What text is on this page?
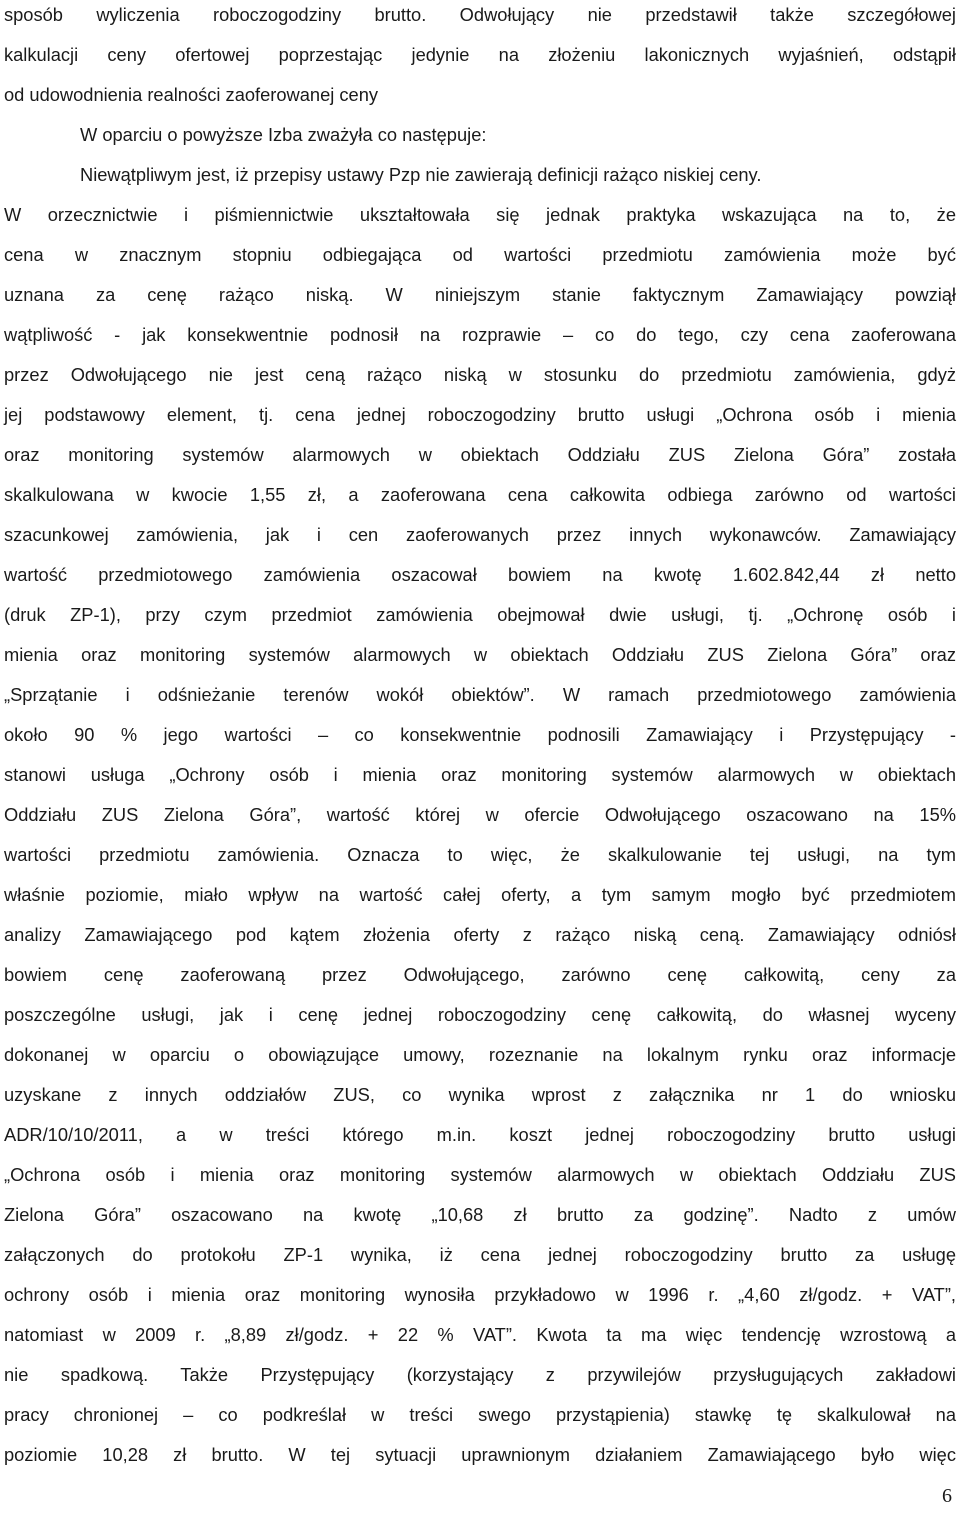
sposób wyliczenia roboczogodziny brutto. Odwołujący nie przedstawił także szczegółowej
kalkulacji ceny ofertowej poprzestając jedynie na złożeniu lakonicznych wyjaśnień, odstąpił
od udowodnienia realności zaoferowanej ceny
W oparciu o powyższe Izba zważyła co następuje:
Niewątpliwym jest, iż przepisy ustawy Pzp nie zawierają definicji rażąco niskiej ceny.
W orzecznictwie i piśmiennictwie ukształtowała się jednak praktyka wskazująca na to, że
cena w znacznym stopniu odbiegająca od wartości przedmiotu zamówienia może być
uznana za cenę rażąco niską. W niniejszym stanie faktycznym Zamawiający powziął
wątpliwość - jak konsekwentnie podnosił na rozprawie – co do tego, czy cena zaoferowana
przez Odwołującego nie jest ceną rażąco niską w stosunku do przedmiotu zamówienia, gdyż
jej podstawowy element, tj. cena jednej roboczogodziny brutto usługi „Ochrona osób i mienia
oraz monitoring systemów alarmowych w obiektach Oddziału ZUS Zielona Góra” została
skalkulowana w kwocie 1,55 zł, a zaoferowana cena całkowita odbiega zarówno od wartości
szacunkowej zamówienia, jak i cen zaoferowanych przez innych wykonawców. Zamawiający
wartość przedmiotowego zamówienia oszacował bowiem na kwotę 1.602.842,44 zł netto
(druk ZP-1), przy czym przedmiot zamówienia obejmował dwie usługi, tj. „Ochronę osób i
mienia oraz monitoring systemów alarmowych w obiektach Oddziału ZUS Zielona Góra” oraz
„Sprzątanie i odśnieżanie terenów wokół obiektów”. W ramach przedmiotowego zamówienia
około 90 % jego wartości – co konsekwentnie podnosili Zamawiający i Przystępujący -
stanowi usługa „Ochrony osób i mienia oraz monitoring systemów alarmowych w obiektach
Oddziału ZUS Zielona Góra”, wartość której w ofercie Odwołującego oszacowano na 15%
wartości przedmiotu zamówienia. Oznacza to więc, że skalkulowanie tej usługi, na tym
właśnie poziomie, miało wpływ na wartość całej oferty, a tym samym mogło być przedmiotem
analizy Zamawiającego pod kątem złożenia oferty z rażąco niską ceną. Zamawiający odniósł
bowiem cenę zaoferowaną przez Odwołującego, zarówno cenę całkowitą, ceny za
poszczególne usługi, jak i cenę jednej roboczogodziny cenę całkowitą, do własnej wyceny
dokonanej w oparciu o obowiązujące umowy, rozeznanie na lokalnym rynku oraz informacje
uzyskane z innych oddziałów ZUS, co wynika wprost z załącznika nr 1 do wniosku
ADR/10/10/2011, a w treści którego m.in. koszt jednej roboczogodziny brutto usługi
„Ochrona osób i mienia oraz monitoring systemów alarmowych w obiektach Oddziału ZUS
Zielona Góra” oszacowano na kwotę „10,68 zł brutto za godzinę”. Nadto z umów
załączonych do protokołu ZP-1 wynika, iż cena jednej roboczogodziny brutto za usługę
ochrony osób i mienia oraz monitoring wynosiła przykładowo w 1996 r. „4,60 zł/godz. + VAT”,
natomiast w 2009 r. „8,89 zł/godz. + 22 % VAT”. Kwota ta ma więc tendencję wzrostową a
nie spadkową. Także Przystępujący (korzystający z przywilejów przysługujących zakładowi
pracy chronionej – co podkreślał w treści swego przystąpienia) stawkę tę skalkulował na
poziomie 10,28 zł brutto. W tej sytuacji uprawnionym działaniem Zamawiającego było więc
6
